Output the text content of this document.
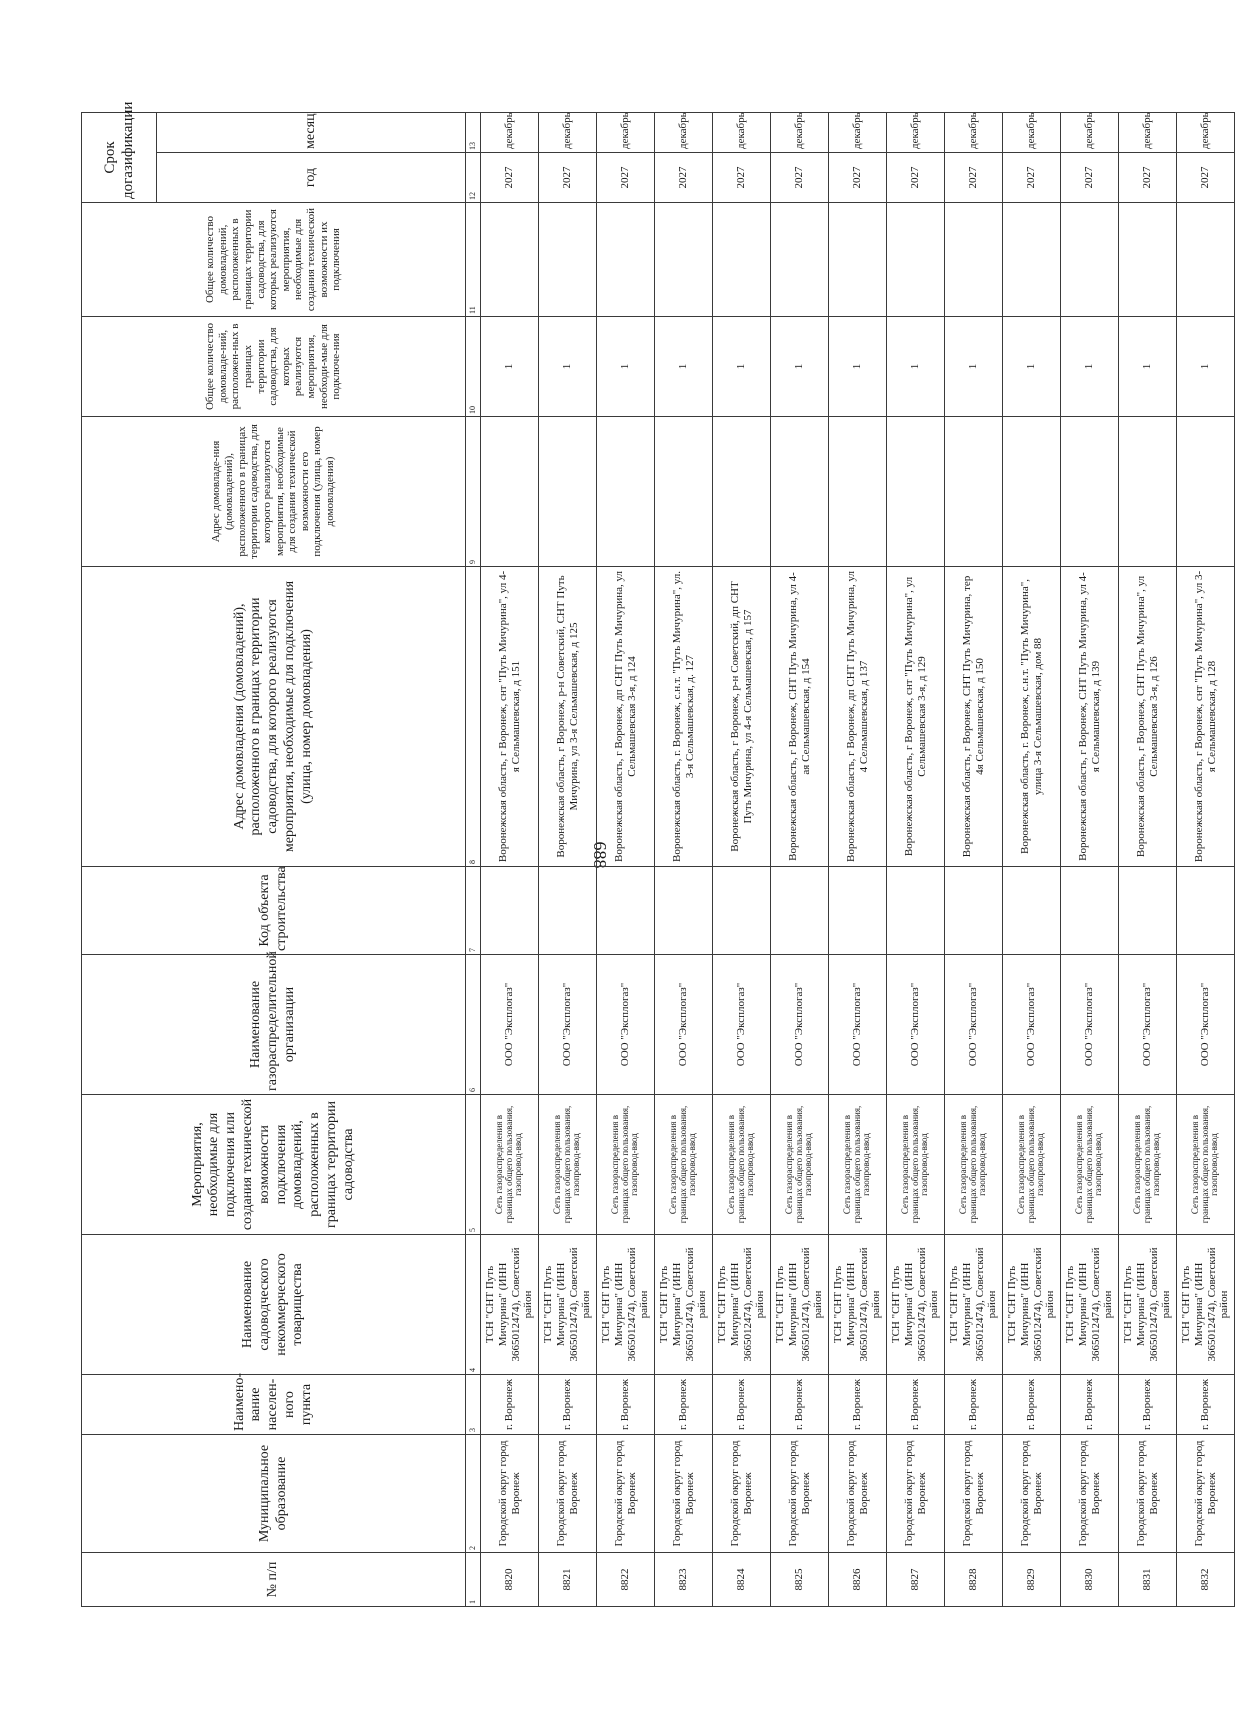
688
№ п/п	Муниципальное образование	Наимено-вание населен-ного пункта	Наименование садоводческого некоммерческого товарищества	Мероприятия, необходимые для подключения или создания технической возможности подключения домовладений, расположенных в границах территории садоводства	Наименование газораспределительной организации	Код объекта строительства	Адрес домовладения (домовладений), расположенного в границах территории садоводства, для которого реализуются мероприятия, необходимые для подключения (улица, номер домовладения)	Адрес домовладе-ния (домовладений), расположенного в границах территории садоводства, для которого реализуются мероприятия, необходимые для создания технической возможности его подключения (улица, номер домовладения)	Общее количество домовладе-ний, расположен-ных в границах территории садоводства, для которых реализуются мероприятия, необходи-мые для подключе-ния	Общее количество домовладений, расположенных в границах территории садоводства, для которых реализуются мероприятия, необходимые для создания технической возможности их подключения	Срок догазификации	
											год	месяц
1	2	3	4	5	6	7	8	9	10	11	12	13
8820	Городской округ город Воронеж	г. Воронеж	ТСН "СНТ Путь Мичурина" (ИНН 3665012474), Советский район	Сеть газораспределения в границах общего пользования, газопровод-ввод	ООО "Эксплогаз"		Воронежская область, г Воронеж, снт "Путь Мичурина", ул 4-я Сельмашевская, д 151		1		2027	декабрь
8821	Городской округ город Воронеж	г. Воронеж	ТСН "СНТ Путь Мичурина" (ИНН 3665012474), Советский район	Сеть газораспределения в границах общего пользования, газопровод-ввод	ООО "Эксплогаз"		Воронежская область, г Воронеж, р-н Советский, СНТ Путь Мичурина, ул 3-я Сельмашевская, д 125		1		2027	декабрь
8822	Городской округ город Воронеж	г. Воронеж	ТСН "СНТ Путь Мичурина" (ИНН 3665012474), Советский район	Сеть газораспределения в границах общего пользования, газопровод-ввод	ООО "Эксплогаз"		Воронежская область, г Воронеж, дп СНТ Путь Мичурина, ул Сельмашевская 3-я, д 124		1		2027	декабрь
8823	Городской округ город Воронеж	г. Воронеж	ТСН "СНТ Путь Мичурина" (ИНН 3665012474), Советский район	Сеть газораспределения в границах общего пользования, газопровод-ввод	ООО "Эксплогаз"		Воронежская область, г. Воронеж, с.н.т. "Путь Мичурина", ул. 3-я Сельмашевская, д. 127		1		2027	декабрь
8824	Городской округ город Воронеж	г. Воронеж	ТСН "СНТ Путь Мичурина" (ИНН 3665012474), Советский район	Сеть газораспределения в границах общего пользования, газопровод-ввод	ООО "Эксплогаз"		Воронежская область, г Воронеж, р-н Советский, дп СНТ Путь Мичурина, ул 4-я Сельмашевская, д 157		1		2027	декабрь
8825	Городской округ город Воронеж	г. Воронеж	ТСН "СНТ Путь Мичурина" (ИНН 3665012474), Советский район	Сеть газораспределения в границах общего пользования, газопровод-ввод	ООО "Эксплогаз"		Воронежская область, г Воронеж, СНТ Путь Мичурина, ул 4-ая Сельмашевская, д 154		1		2027	декабрь
8826	Городской округ город Воронеж	г. Воронеж	ТСН "СНТ Путь Мичурина" (ИНН 3665012474), Советский район	Сеть газораспределения в границах общего пользования, газопровод-ввод	ООО "Эксплогаз"		Воронежская область, г Воронеж, дп СНТ Путь Мичурина, ул 4 Сельмашевская, д 137		1		2027	декабрь
8827	Городской округ город Воронеж	г. Воронеж	ТСН "СНТ Путь Мичурина" (ИНН 3665012474), Советский район	Сеть газораспределения в границах общего пользования, газопровод-ввод	ООО "Эксплогаз"		Воронежская область, г Воронеж, снт "Путь Мичурина", ул Сельмашевская 3-я, д 129		1		2027	декабрь
8828	Городской округ город Воронеж	г. Воронеж	ТСН "СНТ Путь Мичурина" (ИНН 3665012474), Советский район	Сеть газораспределения в границах общего пользования, газопровод-ввод	ООО "Эксплогаз"		Воронежская область, г Воронеж, СНТ Путь Мичурина, тер 4я Сельмашевская, д 150		1		2027	декабрь
8829	Городской округ город Воронеж	г. Воронеж	ТСН "СНТ Путь Мичурина" (ИНН 3665012474), Советский район	Сеть газораспределения в границах общего пользования, газопровод-ввод	ООО "Эксплогаз"		Воронежская область, г. Воронеж, с.н.т. "Путь Мичурина", улица 3-я Сельмашевская, дом 88		1		2027	декабрь
8830	Городской округ город Воронеж	г. Воронеж	ТСН "СНТ Путь Мичурина" (ИНН 3665012474), Советский район	Сеть газораспределения в границах общего пользования, газопровод-ввод	ООО "Эксплогаз"		Воронежская область, г Воронеж, СНТ Путь Мичурина, ул 4-я Сельмашевская, д 139		1		2027	декабрь
8831	Городской округ город Воронеж	г. Воронеж	ТСН "СНТ Путь Мичурина" (ИНН 3665012474), Советский район	Сеть газораспределения в границах общего пользования, газопровод-ввод	ООО "Эксплогаз"		Воронежская область, г Воронеж, СНТ Путь Мичурина", ул Сельмашевская 3-я, д 126		1		2027	декабрь
8832	Городской округ город Воронеж	г. Воронеж	ТСН "СНТ Путь Мичурина" (ИНН 3665012474), Советский район	Сеть газораспределения в границах общего пользования, газопровод-ввод	ООО "Эксплогаз"		Воронежская область, г Воронеж, снт "Путь Мичурина", ул 3-я Сельмашевская, д 128		1		2027	декабрь
